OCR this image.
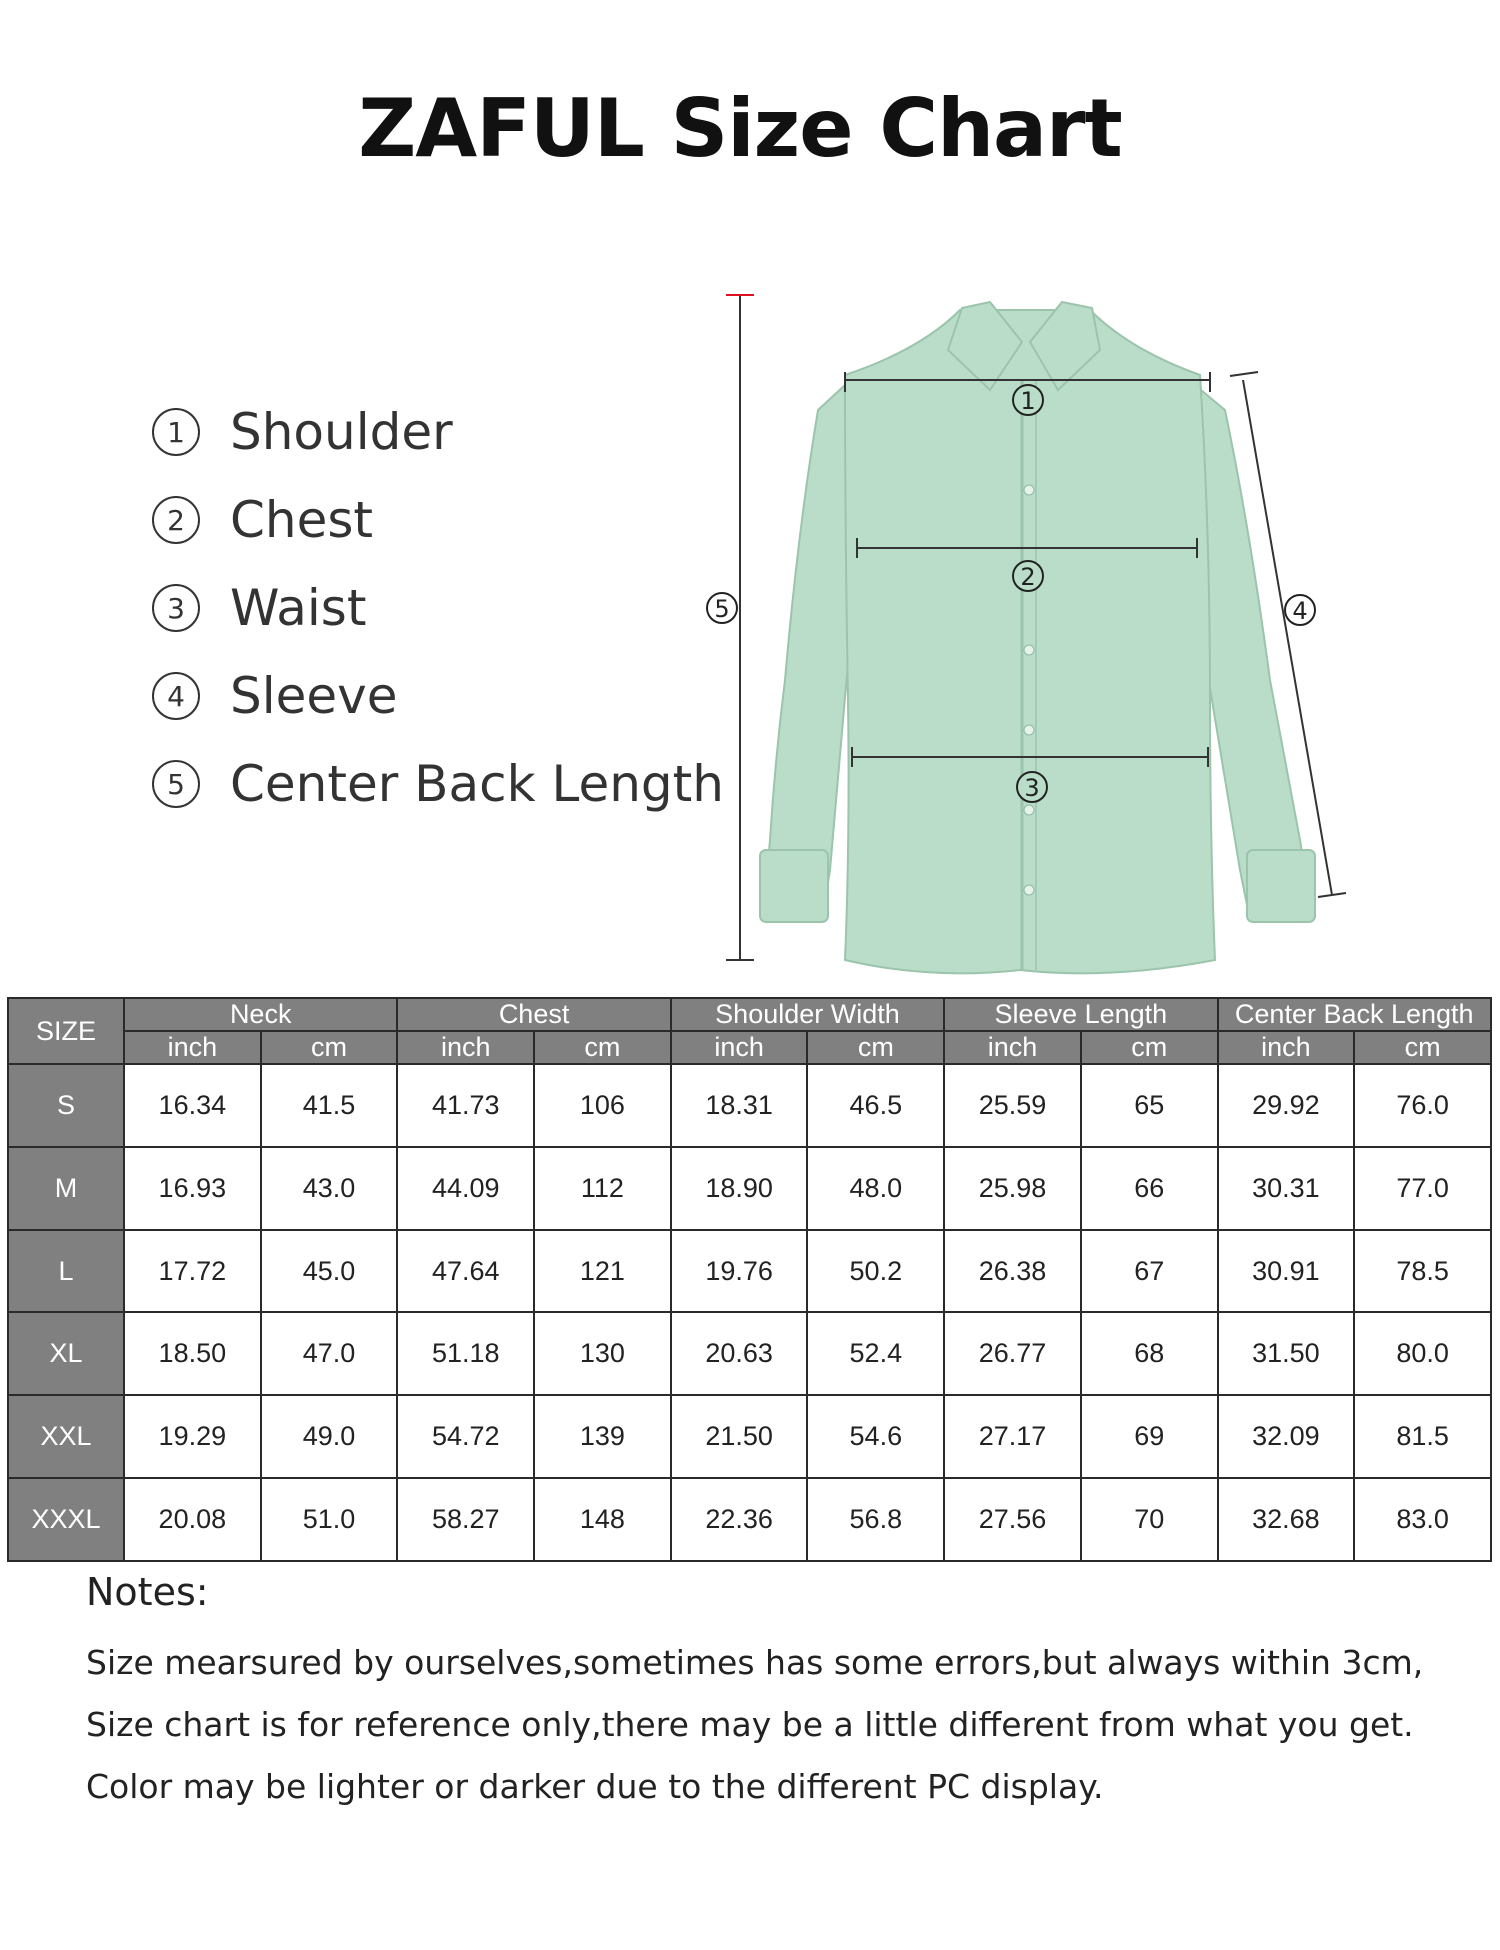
ZAFUL Size Chart
1 Shoulder
2 Chest
3 Waist
4 Sleeve
5 Center Back Length
1
2
3
4
5
SIZE	Neck		Chest		Shoulder Width		Sleeve Length		Center Back Length	
	inch	cm	inch	cm	inch	cm	inch	cm	inch	cm
S	16.34	41.5	41.73	106	18.31	46.5	25.59	65	29.92	76.0
M	16.93	43.0	44.09	112	18.90	48.0	25.98	66	30.31	77.0
L	17.72	45.0	47.64	121	19.76	50.2	26.38	67	30.91	78.5
XL	18.50	47.0	51.18	130	20.63	52.4	26.77	68	31.50	80.0
XXL	19.29	49.0	54.72	139	21.50	54.6	27.17	69	32.09	81.5
XXXL	20.08	51.0	58.27	148	22.36	56.8	27.56	70	32.68	83.0
Notes:
Size mearsured by ourselves,sometimes has some errors,but always within 3cm,
Size chart is for reference only,there may be a little different from what you get.
Color may be lighter or darker due to the different PC display.
